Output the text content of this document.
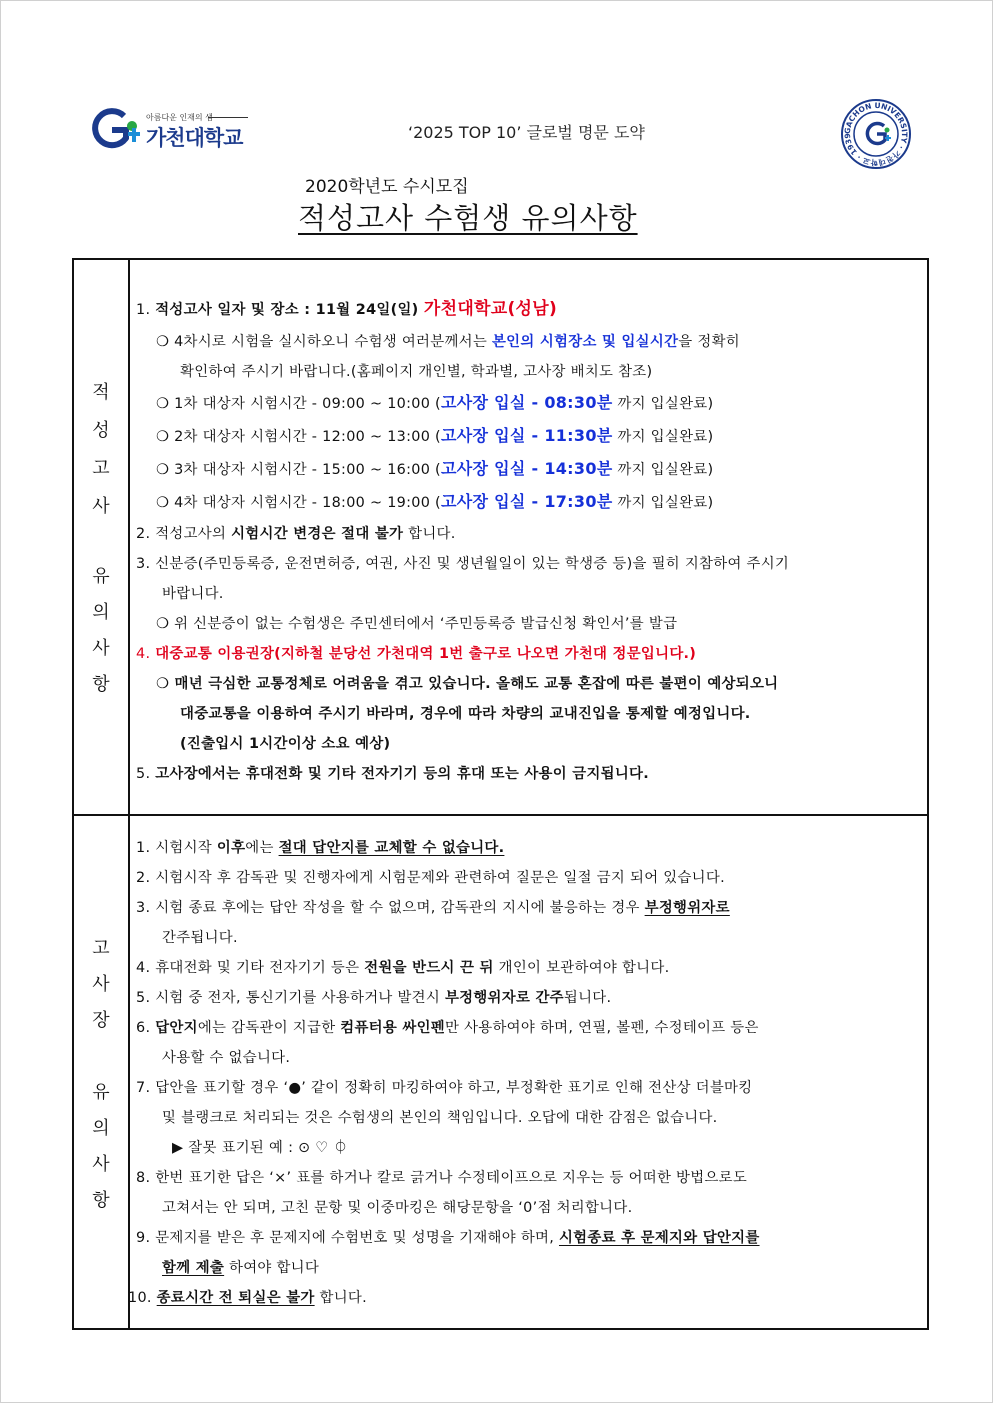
아름다운 인재의 샘
가천대학교	‘2025 TOP 10’ 글로벌 명문 도약	GACHON UNIVERSITY · 가천대학교 · 1939
2020학년도 수시모집
적성고사 수험생 유의사항
적
성
고
사
유
의
사
항
1. 적성고사 일자 및 장소 : 11월 24일(일) 가천대학교(성남)
❍ 4차시로 시험을 실시하오니 수험생 여러분께서는 본인의 시험장소 및 입실시간을 정확히
확인하여 주시기 바랍니다.(홈페이지 개인별, 학과별, 고사장 배치도 참조)
❍ 1차 대상자 시험시간 - 09:00 ~ 10:00 (고사장 입실 - 08:30분 까지 입실완료)
❍ 2차 대상자 시험시간 - 12:00 ~ 13:00 (고사장 입실 - 11:30분 까지 입실완료)
❍ 3차 대상자 시험시간 - 15:00 ~ 16:00 (고사장 입실 - 14:30분 까지 입실완료)
❍ 4차 대상자 시험시간 - 18:00 ~ 19:00 (고사장 입실 - 17:30분 까지 입실완료)
2. 적성고사의 시험시간 변경은 절대 불가 합니다.
3. 신분증(주민등록증, 운전면허증, 여권, 사진 및 생년월일이 있는 학생증 등)을 필히 지참하여 주시기
바랍니다.
❍ 위 신분증이 없는 수험생은 주민센터에서 ‘주민등록증 발급신청 확인서’를 발급
4. 대중교통 이용권장(지하철 분당선 가천대역 1번 출구로 나오면 가천대 정문입니다.)
❍ 매년 극심한 교통정체로 어려움을 겪고 있습니다. 올해도 교통 혼잡에 따른 불편이 예상되오니
대중교통을 이용하여 주시기 바라며, 경우에 따라 차량의 교내진입을 통제할 예정입니다.
(진출입시 1시간이상 소요 예상)
5. 고사장에서는 휴대전화 및 기타 전자기기 등의 휴대 또는 사용이 금지됩니다.
고
사
장
유
의
사
항
1. 시험시작 이후에는 절대 답안지를 교체할 수 없습니다.
2. 시험시작 후 감독관 및 진행자에게 시험문제와 관련하여 질문은 일절 금지 되어 있습니다.
3. 시험 종료 후에는 답안 작성을 할 수 없으며, 감독관의 지시에 불응하는 경우 부정행위자로
간주됩니다.
4. 휴대전화 및 기타 전자기기 등은 전원을 반드시 끈 뒤 개인이 보관하여야 합니다.
5. 시험 중 전자, 통신기기를 사용하거나 발견시 부정행위자로 간주됩니다.
6. 답안지에는 감독관이 지급한 컴퓨터용 싸인펜만 사용하여야 하며, 연필, 볼펜, 수정테이프 등은
사용할 수 없습니다.
7. 답안을 표기할 경우 ‘●’ 같이 정확히 마킹하여야 하고, 부정확한 표기로 인해 전산상 더블마킹
및 블랭크로 처리되는 것은 수험생의 본인의 책임입니다. 오답에 대한 감점은 없습니다.
▶ 잘못 표기된 예 : ⊙ ♡ ⏀
8. 한번 표기한 답은 ‘×’ 표를 하거나 칼로 긁거나 수정테이프으로 지우는 등 어떠한 방법으로도
고쳐서는 안 되며, 고친 문항 및 이중마킹은 해당문항을 ‘0’점 처리합니다.
9. 문제지를 받은 후 문제지에 수험번호 및 성명을 기재해야 하며, 시험종료 후 문제지와 답안지를
함께 제출 하여야 합니다
10. 종료시간 전 퇴실은 불가 합니다.
